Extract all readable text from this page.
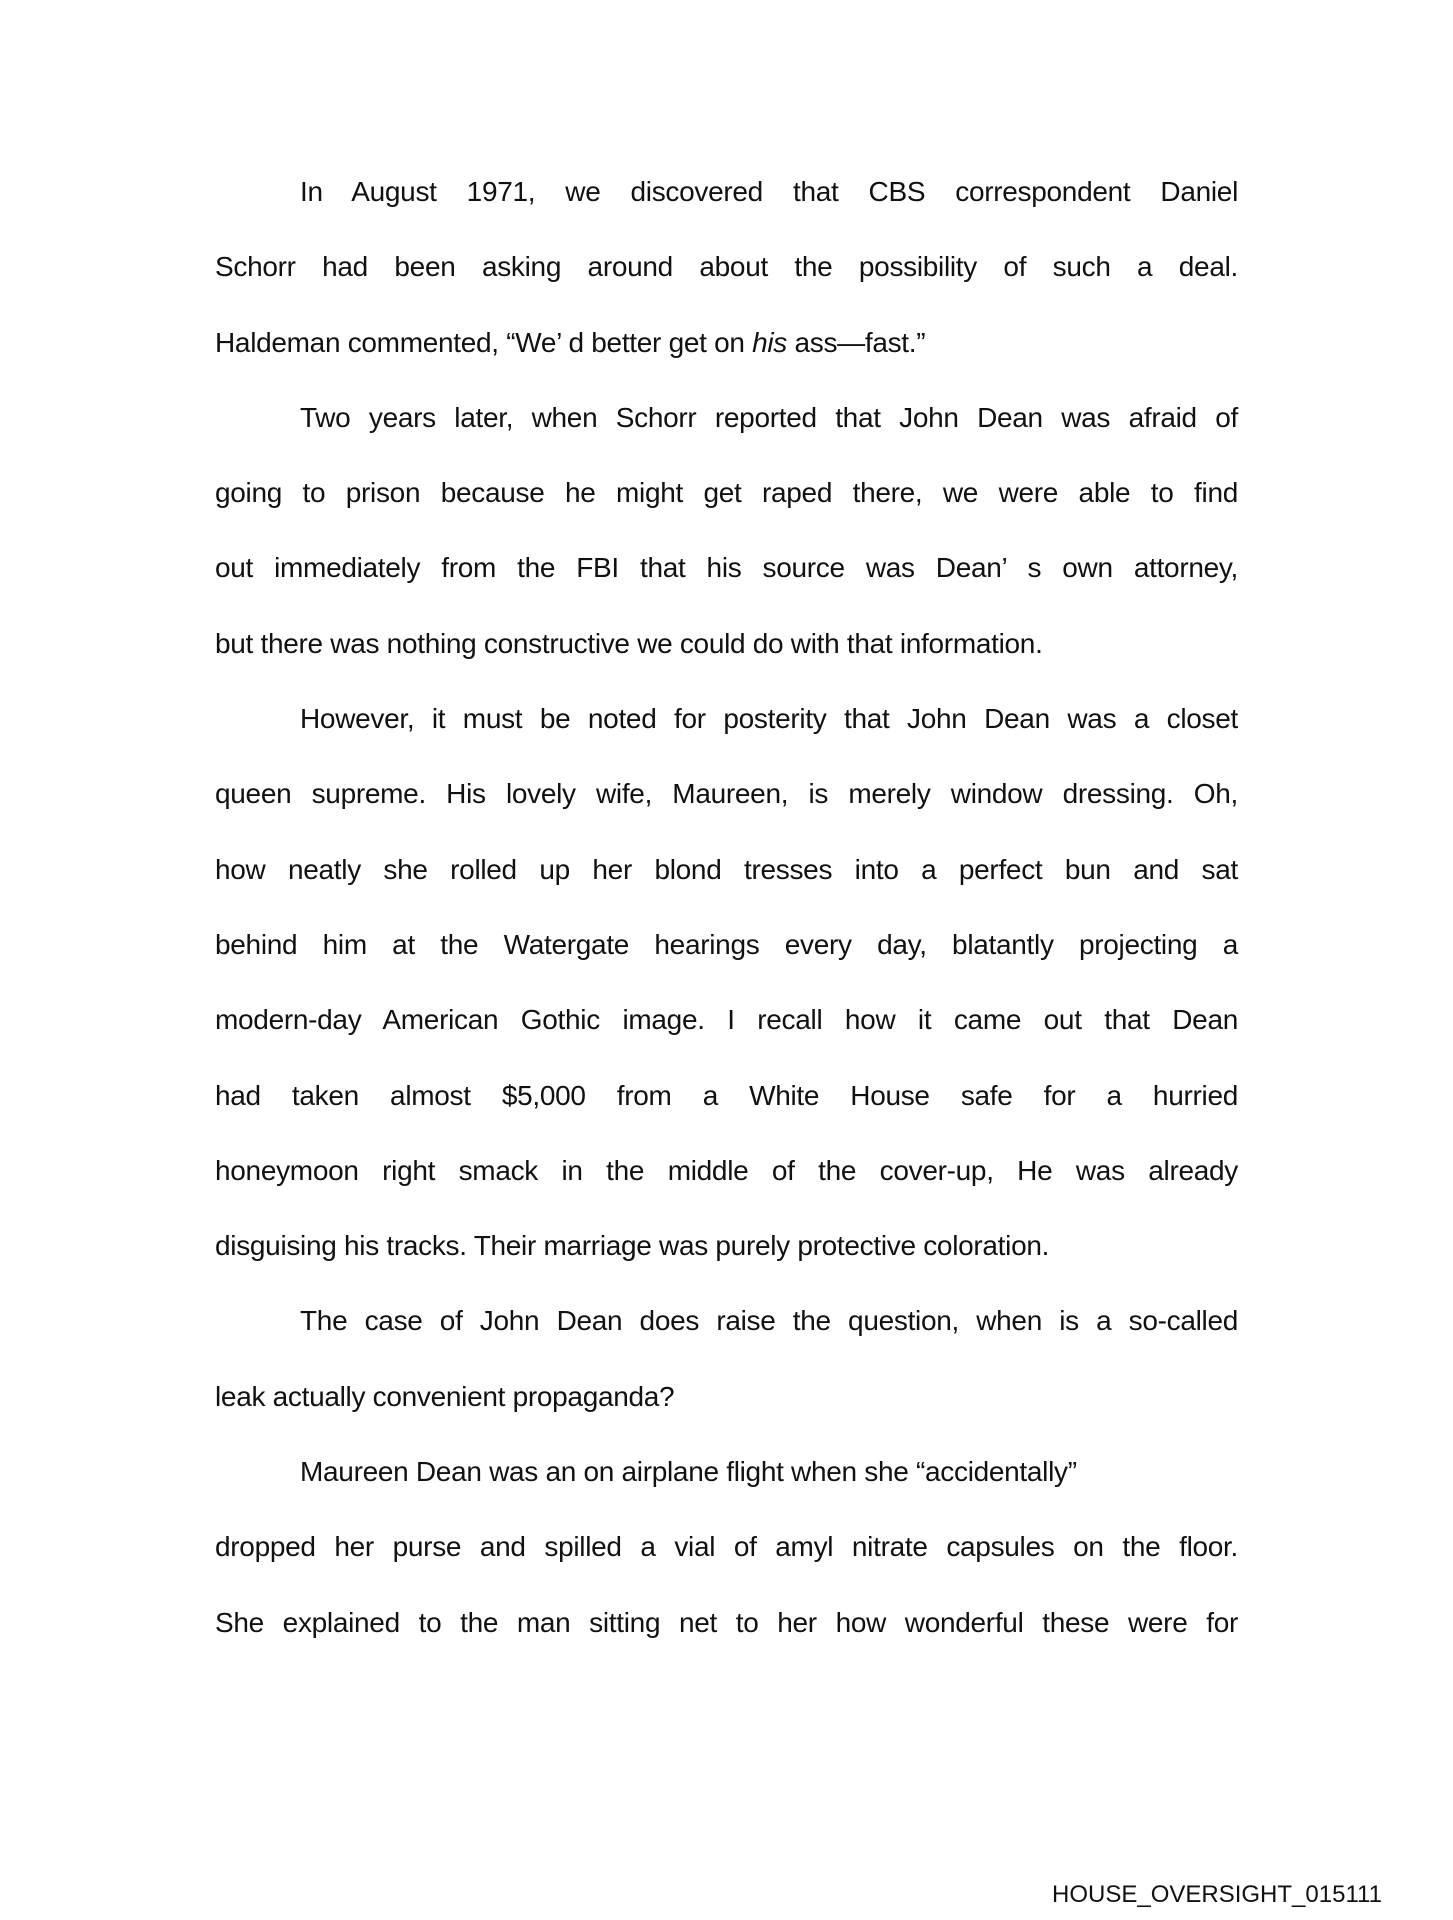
In August 1971, we discovered that CBS correspondent Daniel
Schorr had been asking around about the possibility of such a deal.
Haldeman commented, “We’ d better get on his ass—fast.”
Two years later, when Schorr reported that John Dean was afraid of
going to prison because he might get raped there, we were able to find
out immediately from the FBI that his source was Dean’ s own attorney,
but there was nothing constructive we could do with that information.
However, it must be noted for posterity that John Dean was a closet
queen supreme. His lovely wife, Maureen, is merely window dressing. Oh,
how neatly she rolled up her blond tresses into a perfect bun and sat
behind him at the Watergate hearings every day, blatantly projecting a
modern-day American Gothic image. I recall how it came out that Dean
had taken almost $5,000 from a White House safe for a hurried
honeymoon right smack in the middle of the cover-up, He was already
disguising his tracks. Their marriage was purely protective coloration.
The case of John Dean does raise the question, when is a so-called
leak actually convenient propaganda?
Maureen Dean was an on airplane flight when she “accidentally”
dropped her purse and spilled a vial of amyl nitrate capsules on the floor.
She explained to the man sitting net to her how wonderful these were for
HOUSE_OVERSIGHT_015111
